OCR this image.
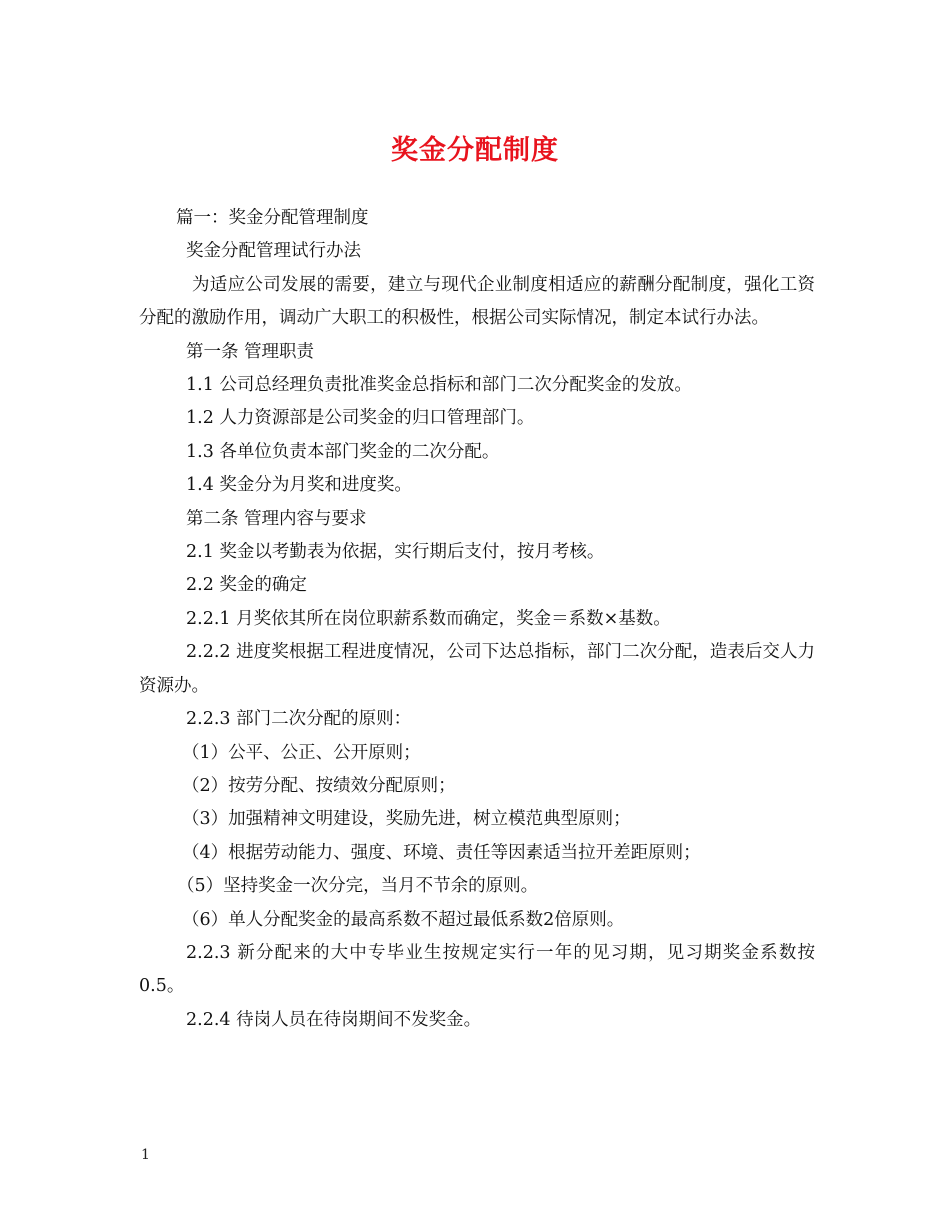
奖金分配制度

篇一：奖金分配管理制度

奖金分配管理试行办法

为适应公司发展的需要，建立与现代企业制度相适应的薪酬分配制度，强化工资分配的激励作用，调动广大职工的积极性，根据公司实际情况，制定本试行办法。

第一条 管理职责

1.1 公司总经理负责批准奖金总指标和部门二次分配奖金的发放。

1.2 人力资源部是公司奖金的归口管理部门。

1.3 各单位负责本部门奖金的二次分配。

1.4 奖金分为月奖和进度奖。

第二条 管理内容与要求

2.1 奖金以考勤表为依据，实行期后支付，按月考核。

2.2 奖金的确定

2.2.1 月奖依其所在岗位职薪系数而确定，奖金＝系数×基数。

2.2.2 进度奖根据工程进度情况，公司下达总指标，部门二次分配，造表后交人力资源办。

2.2.3 部门二次分配的原则：

（1）公平、公正、公开原则；

（2）按劳分配、按绩效分配原则；

（3）加强精神文明建设，奖励先进，树立模范典型原则；

（4）根据劳动能力、强度、环境、责任等因素适当拉开差距原则；

（5）坚持奖金一次分完，当月不节余的原则。

（6）单人分配奖金的最高系数不超过最低系数2倍原则。

2.2.3 新分配来的大中专毕业生按规定实行一年的见习期，见习期奖金系数按0.5。

2.2.4 待岗人员在待岗期间不发奖金。

1
